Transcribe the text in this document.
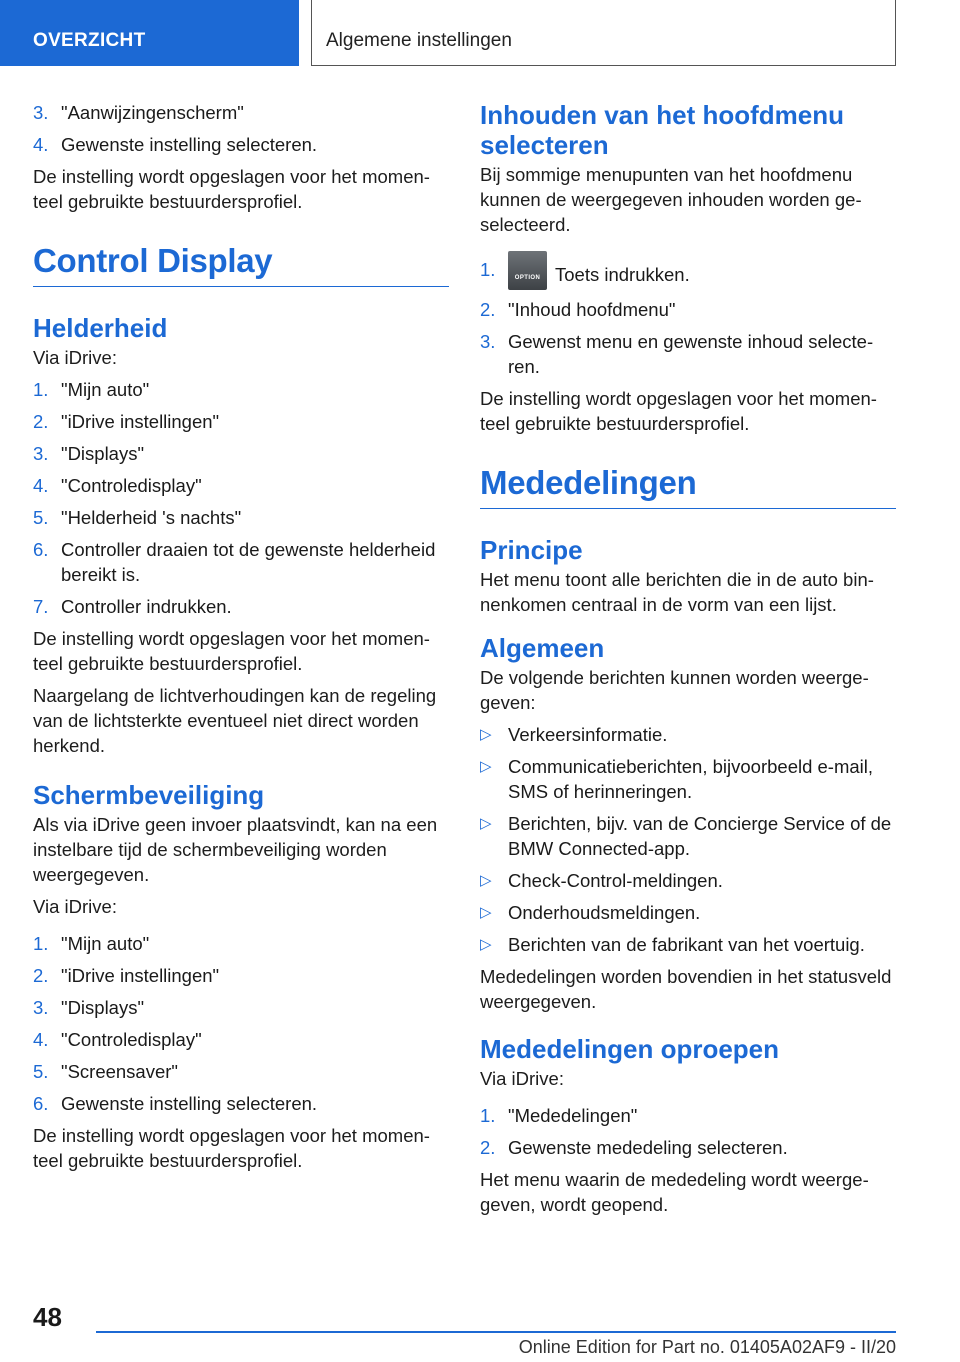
OVERZICHT	Algemene instellingen
3. "Aanwijzingenscherm"
4. Gewenste instelling selecteren.

De instelling wordt opgeslagen voor het momenteel gebruikte bestuurdersprofiel.

Control Display
Helderheid

Via iDrive:

1. "Mijn auto"
2. "iDrive instellingen"
3. "Displays"
4. "Controledisplay"
5. "Helderheid 's nachts"
6. Controller draaien tot de gewenste helderheid bereikt is.
7. Controller indrukken.

De instelling wordt opgeslagen voor het momenteel gebruikte bestuurdersprofiel.

Naargelang de lichtverhoudingen kan de regeling van de lichtsterkte eventueel niet direct worden herkend.

Schermbeveiliging

Als via iDrive geen invoer plaatsvindt, kan na een instelbare tijd de schermbeveiliging worden weergegeven.

Via iDrive:

1. "Mijn auto"
2. "iDrive instellingen"
3. "Displays"
4. "Controledisplay"
5. "Screensaver"
6. Gewenste instelling selecteren.

De instelling wordt opgeslagen voor het momenteel gebruikte bestuurdersprofiel.

Inhouden van het hoofdmenu selecteren

Bij sommige menupunten van het hoofdmenu kunnen de weergegeven inhouden worden geselecteerd.

1.	OPTION Toets indrukken.
2. "Inhoud hoofdmenu"
3. Gewenst menu en gewenste inhoud selecteren.

De instelling wordt opgeslagen voor het momenteel gebruikte bestuurdersprofiel.

Mededelingen
Principe

Het menu toont alle berichten die in de auto binnenkomen centraal in de vorm van een lijst.

Algemeen

De volgende berichten kunnen worden weergegeven:

▷ Verkeersinformatie.
▷ Communicatieberichten, bijvoorbeeld e-mail, SMS of herinneringen.
▷ Berichten, bijv. van de Concierge Service of de BMW Connected-app.
▷ Check-Control-meldingen.
▷ Onderhoudsmeldingen.
▷ Berichten van de fabrikant van het voertuig.

Mededelingen worden bovendien in het statusveld weergegeven.

Mededelingen oproepen

Via iDrive:

1. "Mededelingen"
2. Gewenste mededeling selecteren.

Het menu waarin de mededeling wordt weergegeven, wordt geopend.

48
Online Edition for Part no. 01405A02AF9 - II/20
